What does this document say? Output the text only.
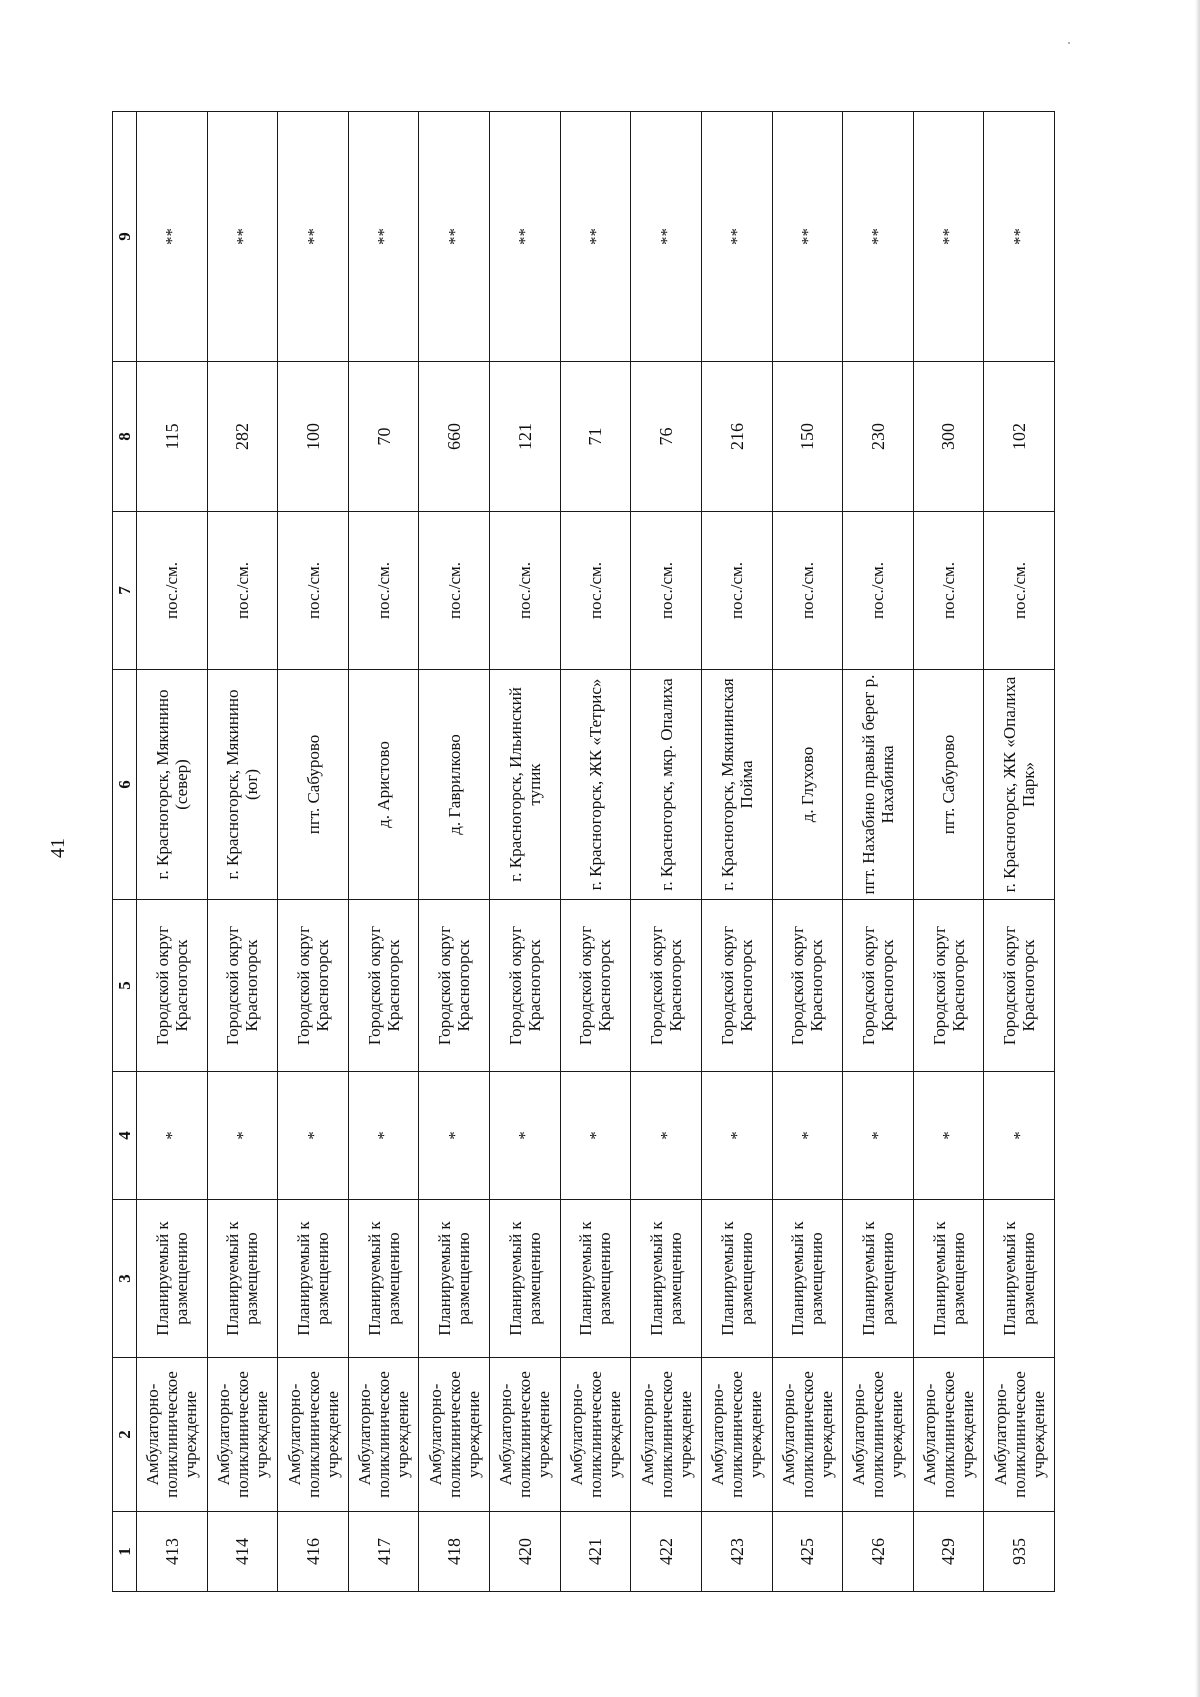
41
1	2	3	4	5	6	7	8	9
413	Амбулаторно-поликлиническое учреждение	Планируемый к размещению	*	Городской округ Красногорск	г. Красногорск, Мякинино (север)	пос./см.	115	**
414	Амбулаторно-поликлиническое учреждение	Планируемый к размещению	*	Городской округ Красногорск	г. Красногорск, Мякинино (юг)	пос./см.	282	**
416	Амбулаторно-поликлиническое учреждение	Планируемый к размещению	*	Городской округ Красногорск	пгт. Сабурово	пос./см.	100	**
417	Амбулаторно-поликлиническое учреждение	Планируемый к размещению	*	Городской округ Красногорск	д. Аристово	пос./см.	70	**
418	Амбулаторно-поликлиническое учреждение	Планируемый к размещению	*	Городской округ Красногорск	д. Гаврилково	пос./см.	660	**
420	Амбулаторно-поликлиническое учреждение	Планируемый к размещению	*	Городской округ Красногорск	г. Красногорск, Ильинский тупик	пос./см.	121	**
421	Амбулаторно-поликлиническое учреждение	Планируемый к размещению	*	Городской округ Красногорск	г. Красногорск, ЖК «Тетрис»	пос./см.	71	**
422	Амбулаторно-поликлиническое учреждение	Планируемый к размещению	*	Городской округ Красногорск	г. Красногорск, мкр. Опалиха	пос./см.	76	**
423	Амбулаторно-поликлиническое учреждение	Планируемый к размещению	*	Городской округ Красногорск	г. Красногорск, Мякининская Пойма	пос./см.	216	**
425	Амбулаторно-поликлиническое учреждение	Планируемый к размещению	*	Городской округ Красногорск	д. Глухово	пос./см.	150	**
426	Амбулаторно-поликлиническое учреждение	Планируемый к размещению	*	Городской округ Красногорск	пгт. Нахабино правый берег р. Нахабинка	пос./см.	230	**
429	Амбулаторно-поликлиническое учреждение	Планируемый к размещению	*	Городской округ Красногорск	пгт. Сабурово	пос./см.	300	**
935	Амбулаторно-поликлиническое учреждение	Планируемый к размещению	*	Городской округ Красногорск	г. Красногорск, ЖК «Опалиха Парк»	пос./см.	102	**
